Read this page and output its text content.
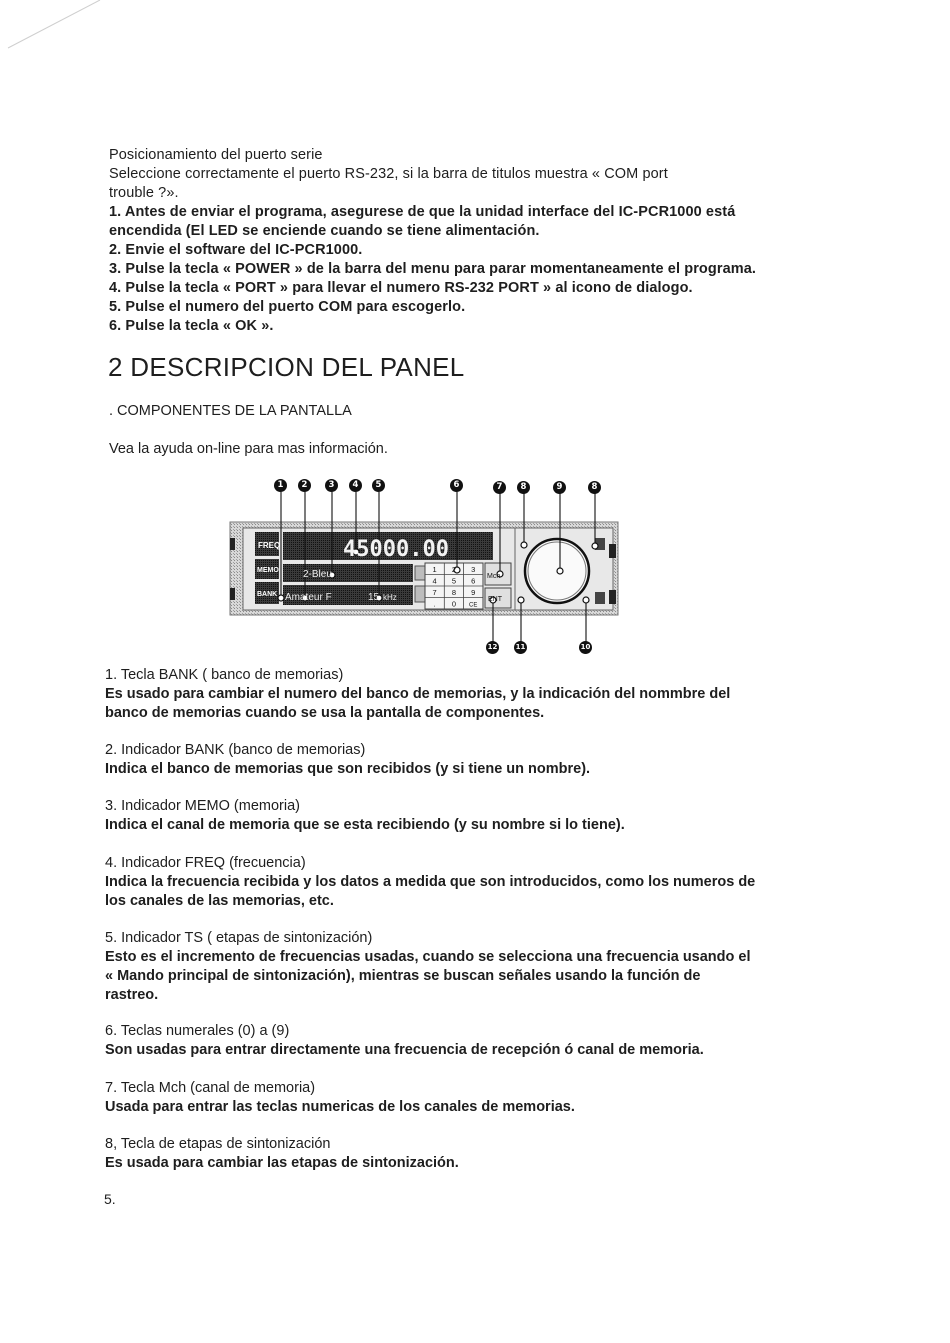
Posicionamiento del puerto serie

Seleccione correctamente el puerto RS-232, si la barra de titulos muestra « COM port

trouble ?».

1. Antes de enviar el programa, asegurese de que la unidad interface del IC-PCR1000 está

encendida (El LED se enciende cuando se tiene alimentación.

2. Envie el software del IC-PCR1000.

3. Pulse la tecla « POWER » de la barra del menu para parar momentaneamente el programa.

4. Pulse la tecla « PORT » para llevar el numero RS-232 PORT » al icono de dialogo.

5. Pulse el numero del puerto COM para escogerlo.

6. Pulse la tecla « OK ».

2 DESCRIPCION DEL PANEL
. COMPONENTES DE LA PANTALLA
Vea la ayuda on-line para mas información.
45000.00
FREQ
MEMO
BANK
2-Bleu
Amateur F	15 kHz
Mch
ENT
1 2 3
4 5 6
7 8 9
. 0 CE
1	2	3	4	5	6	7	8	9	8
12	11	10

1. Tecla BANK ( banco de memorias)

Es usado para cambiar el numero del banco de memorias, y la indicación del nommbre del

banco de memorias cuando se usa la pantalla de componentes.

2. Indicador BANK (banco de memorias)

Indica el banco de memorias que son recibidos (y si tiene un nombre).

3. Indicador MEMO (memoria)

Indica el canal de memoria que se esta recibiendo (y su nombre si lo tiene).

4. Indicador FREQ (frecuencia)

Indica la frecuencia recibida y los datos a medida que son introducidos, como los numeros de

los canales de las memorias, etc.

5. Indicador TS ( etapas de sintonización)

Esto es el incremento de frecuencias usadas, cuando se selecciona una frecuencia usando el

« Mando principal de sintonización), mientras se buscan señales usando la función de

rastreo.

6. Teclas numerales (0) a (9)

Son usadas para entrar directamente una frecuencia de recepción ó canal de memoria.

7. Tecla Mch (canal de memoria)

Usada para entrar las teclas numericas de los canales de memorias.

8, Tecla de etapas de sintonización

Es usada para cambiar las etapas de sintonización.

5.
